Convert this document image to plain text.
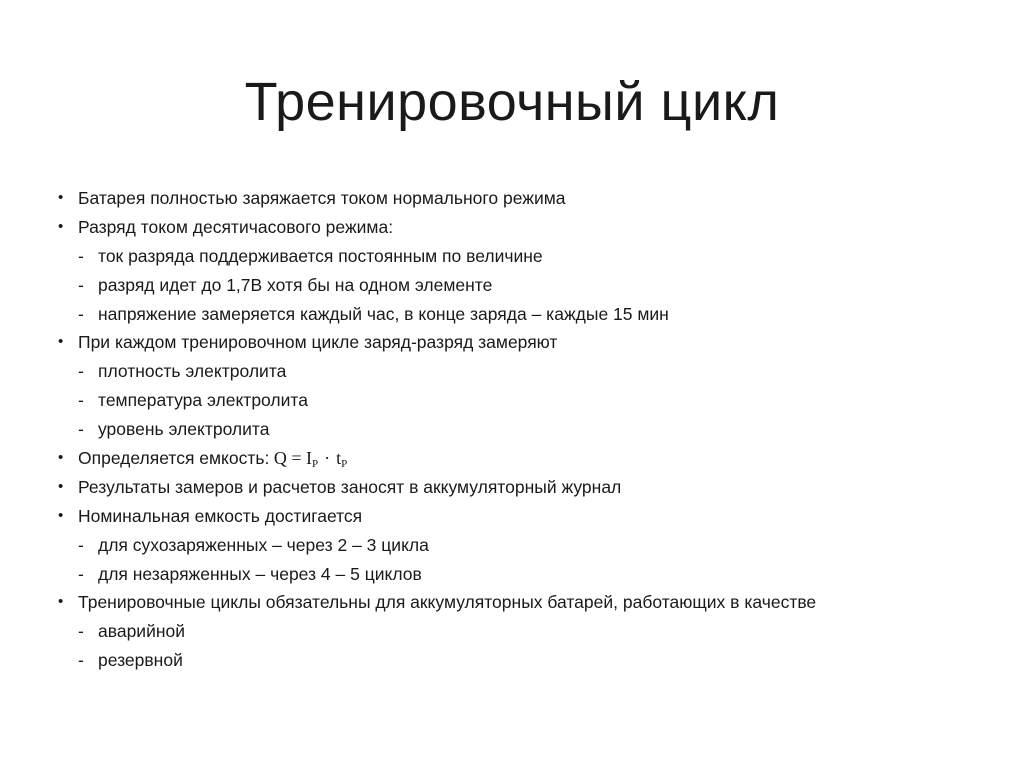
Тренировочный цикл
• Батарея полностью заряжается током нормального режима
• Разряд током десятичасового режима:
- ток разряда поддерживается постоянным по величине
- разряд идет до 1,7В хотя бы на одном элементе
- напряжение замеряется каждый час, в конце заряда – каждые 15 мин
• При каждом тренировочном цикле заряд-разряд замеряют
- плотность электролита
- температура электролита
- уровень электролита
• Определяется емкость: $Q = I_P \cdot t_P$
• Результаты замеров и расчетов заносят в аккумуляторный журнал
• Номинальная емкость достигается
- для сухозаряженных – через 2 – 3 цикла
- для незаряженных – через 4 – 5 циклов
• Тренировочные циклы обязательны для аккумуляторных батарей, работающих в качестве
- аварийной
- резервной
